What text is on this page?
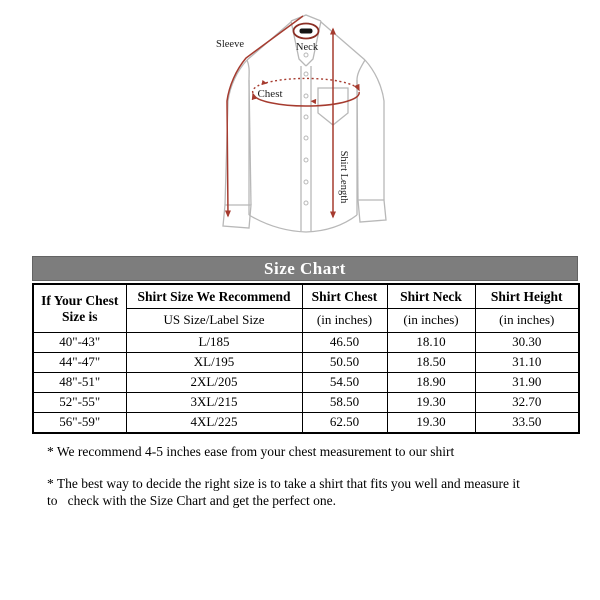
Sleeve	Neck
Chest
Shirt Length
Size Chart
If Your Chest Size is	Shirt Size We Recommend	Shirt Chest	Shirt Neck	Shirt Height
	US Size/Label Size	(in inches)	(in inches)	(in inches)
40"-43"	L/185	46.50	18.10	30.30
44"-47"	XL/195	50.50	18.50	31.10
48"-51"	2XL/205	54.50	18.90	31.90
52"-55"	3XL/215	58.50	19.30	32.70
56"-59"	4XL/225	62.50	19.30	33.50

* We recommend 4-5 inches ease from your chest measurement to our shirt

* The best way to decide the right size is to take a shirt that fits you well and measure it
to   check with the Size Chart and get the perfect one.
